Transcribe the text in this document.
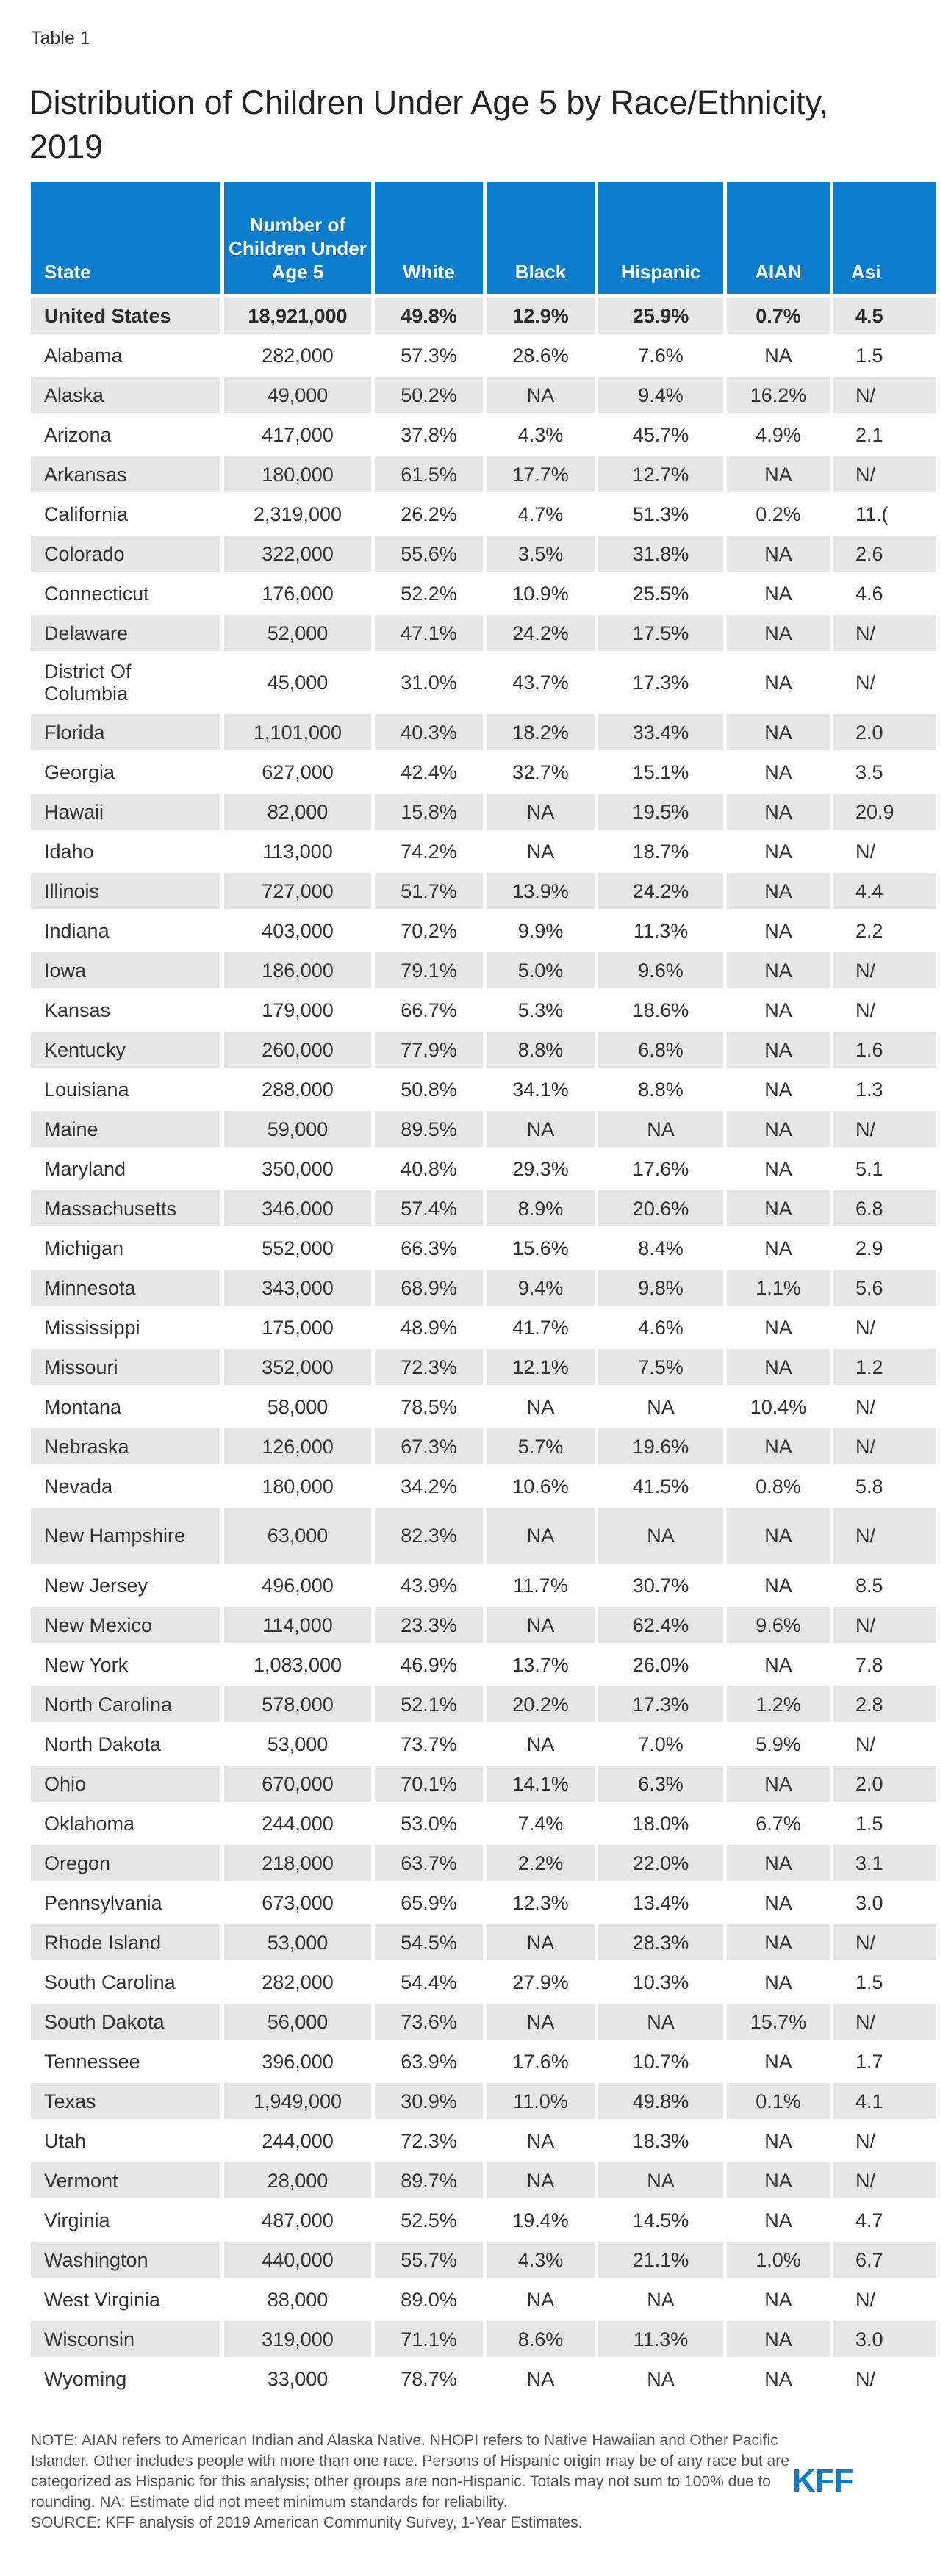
Table 1
Distribution of Children Under Age 5 by Race/Ethnicity, 2019
State	Number of Children Under Age 5	White	Black	Hispanic	AIAN	Asi
United States	18,921,000	49.8%	12.9%	25.9%	0.7%	4.5
Alabama	282,000	57.3%	28.6%	7.6%	NA	1.5
Alaska	49,000	50.2%	NA	9.4%	16.2%	N/
Arizona	417,000	37.8%	4.3%	45.7%	4.9%	2.1
Arkansas	180,000	61.5%	17.7%	12.7%	NA	N/
California	2,319,000	26.2%	4.7%	51.3%	0.2%	11.(
Colorado	322,000	55.6%	3.5%	31.8%	NA	2.6
Connecticut	176,000	52.2%	10.9%	25.5%	NA	4.6
Delaware	52,000	47.1%	24.2%	17.5%	NA	N/
District Of Columbia	45,000	31.0%	43.7%	17.3%	NA	N/
Florida	1,101,000	40.3%	18.2%	33.4%	NA	2.0
Georgia	627,000	42.4%	32.7%	15.1%	NA	3.5
Hawaii	82,000	15.8%	NA	19.5%	NA	20.9
Idaho	113,000	74.2%	NA	18.7%	NA	N/
Illinois	727,000	51.7%	13.9%	24.2%	NA	4.4
Indiana	403,000	70.2%	9.9%	11.3%	NA	2.2
Iowa	186,000	79.1%	5.0%	9.6%	NA	N/
Kansas	179,000	66.7%	5.3%	18.6%	NA	N/
Kentucky	260,000	77.9%	8.8%	6.8%	NA	1.6
Louisiana	288,000	50.8%	34.1%	8.8%	NA	1.3
Maine	59,000	89.5%	NA	NA	NA	N/
Maryland	350,000	40.8%	29.3%	17.6%	NA	5.1
Massachusetts	346,000	57.4%	8.9%	20.6%	NA	6.8
Michigan	552,000	66.3%	15.6%	8.4%	NA	2.9
Minnesota	343,000	68.9%	9.4%	9.8%	1.1%	5.6
Mississippi	175,000	48.9%	41.7%	4.6%	NA	N/
Missouri	352,000	72.3%	12.1%	7.5%	NA	1.2
Montana	58,000	78.5%	NA	NA	10.4%	N/
Nebraska	126,000	67.3%	5.7%	19.6%	NA	N/
Nevada	180,000	34.2%	10.6%	41.5%	0.8%	5.8
New Hampshire	63,000	82.3%	NA	NA	NA	N/
New Jersey	496,000	43.9%	11.7%	30.7%	NA	8.5
New Mexico	114,000	23.3%	NA	62.4%	9.6%	N/
New York	1,083,000	46.9%	13.7%	26.0%	NA	7.8
North Carolina	578,000	52.1%	20.2%	17.3%	1.2%	2.8
North Dakota	53,000	73.7%	NA	7.0%	5.9%	N/
Ohio	670,000	70.1%	14.1%	6.3%	NA	2.0
Oklahoma	244,000	53.0%	7.4%	18.0%	6.7%	1.5
Oregon	218,000	63.7%	2.2%	22.0%	NA	3.1
Pennsylvania	673,000	65.9%	12.3%	13.4%	NA	3.0
Rhode Island	53,000	54.5%	NA	28.3%	NA	N/
South Carolina	282,000	54.4%	27.9%	10.3%	NA	1.5
South Dakota	56,000	73.6%	NA	NA	15.7%	N/
Tennessee	396,000	63.9%	17.6%	10.7%	NA	1.7
Texas	1,949,000	30.9%	11.0%	49.8%	0.1%	4.1
Utah	244,000	72.3%	NA	18.3%	NA	N/
Vermont	28,000	89.7%	NA	NA	NA	N/
Virginia	487,000	52.5%	19.4%	14.5%	NA	4.7
Washington	440,000	55.7%	4.3%	21.1%	1.0%	6.7
West Virginia	88,000	89.0%	NA	NA	NA	N/
Wisconsin	319,000	71.1%	8.6%	11.3%	NA	3.0
Wyoming	33,000	78.7%	NA	NA	NA	N/
NOTE: AIAN refers to American Indian and Alaska Native. NHOPI refers to Native Hawaiian and Other Pacific Islander. Other includes people with more than one race. Persons of Hispanic origin may be of any race but are categorized as Hispanic for this analysis; other groups are non-Hispanic. Totals may not sum to 100% due to rounding. NA: Estimate did not meet minimum standards for reliability.
SOURCE: KFF analysis of 2019 American Community Survey, 1-Year Estimates.
KFF
